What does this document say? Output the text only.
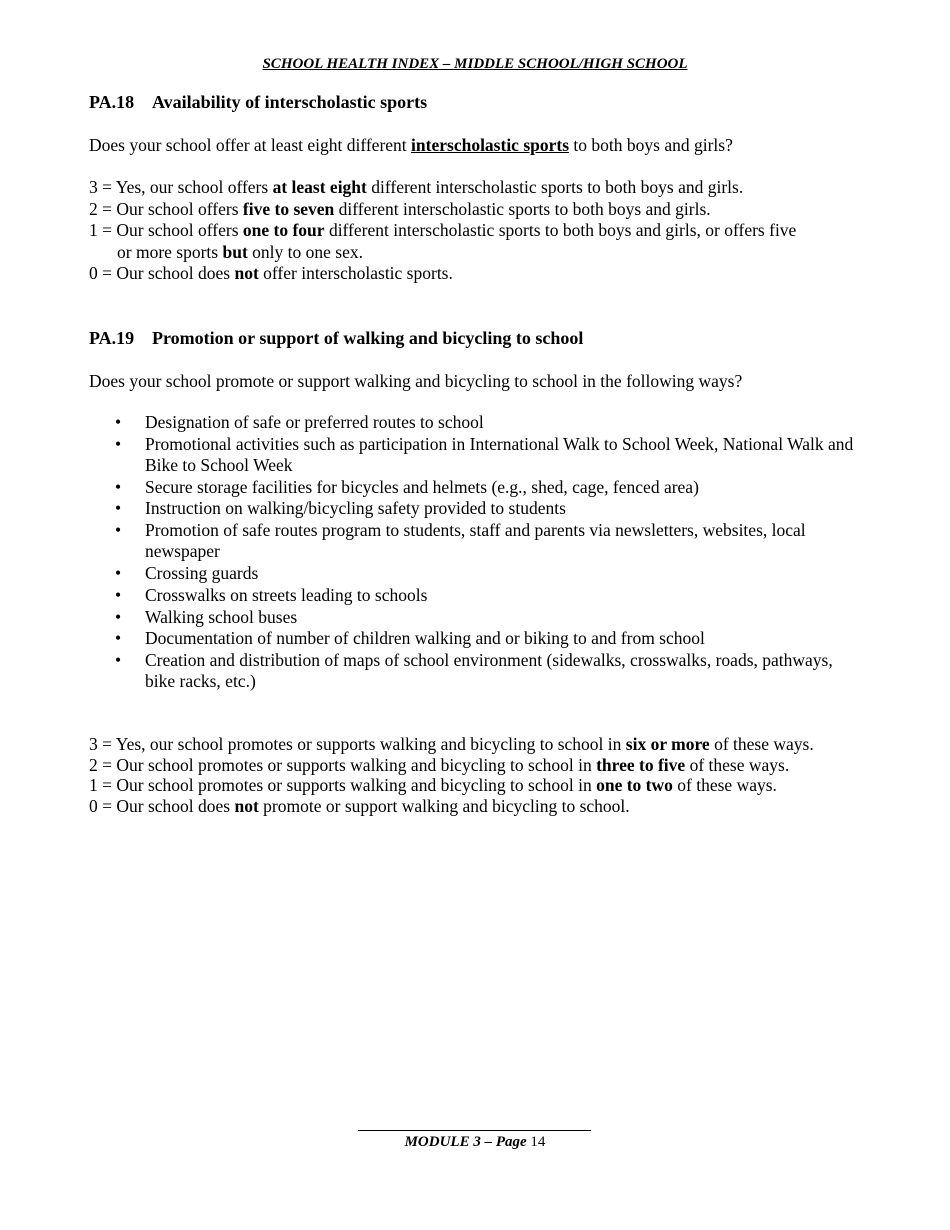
SCHOOL HEALTH INDEX – MIDDLE SCHOOL/HIGH SCHOOL
PA.18 Availability of interscholastic sports
Does your school offer at least eight different interscholastic sports to both boys and girls?
3 = Yes, our school offers at least eight different interscholastic sports to both boys and girls.
2 = Our school offers five to seven different interscholastic sports to both boys and girls.
1 = Our school offers one to four different interscholastic sports to both boys and girls, or offers five
or more sports but only to one sex.
0 = Our school does not offer interscholastic sports.
PA.19 Promotion or support of walking and bicycling to school
Does your school promote or support walking and bicycling to school in the following ways?
• Designation of safe or preferred routes to school
• Promotional activities such as participation in International Walk to School Week, National Walk and Bike to School Week
• Secure storage facilities for bicycles and helmets (e.g., shed, cage, fenced area)
• Instruction on walking/bicycling safety provided to students
• Promotion of safe routes program to students, staff and parents via newsletters, websites, local newspaper
• Crossing guards
• Crosswalks on streets leading to schools
• Walking school buses
• Documentation of number of children walking and or biking to and from school
• Creation and distribution of maps of school environment (sidewalks, crosswalks, roads, pathways, bike racks, etc.)
3 = Yes, our school promotes or supports walking and bicycling to school in six or more of these ways.
2 = Our school promotes or supports walking and bicycling to school in three to five of these ways.
1 = Our school promotes or supports walking and bicycling to school in one to two of these ways.
0 = Our school does not promote or support walking and bicycling to school.
MODULE 3 – Page 14
